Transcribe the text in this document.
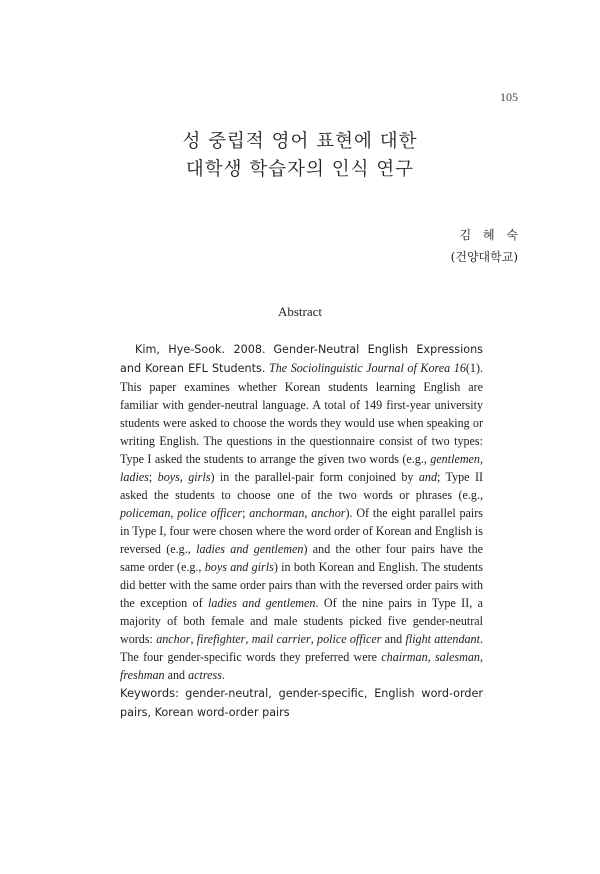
105
성 중립적 영어 표현에 대한
대학생 학습자의 인식 연구
김 혜 숙
(건양대학교)
Abstract

Kim, Hye-Sook. 2008. Gender-Neutral English Expressions and Korean EFL Students. The Sociolinguistic Journal of Korea 16(1). This paper examines whether Korean students learning English are familiar with gender-neutral language. A total of 149 first-year university students were asked to choose the words they would use when speaking or writing English. The questions in the questionnaire consist of two types: Type I asked the students to arrange the given two words (e.g., gentlemen, ladies; boys, girls) in the parallel-pair form conjoined by and; Type II asked the students to choose one of the two words or phrases (e.g., policeman, police officer; anchorman, anchor). Of the eight parallel pairs in Type I, four were chosen where the word order of Korean and English is reversed (e.g., ladies and gentlemen) and the other four pairs have the same order (e.g., boys and girls) in both Korean and English. The students did better with the same order pairs than with the reversed order pairs with the exception of ladies and gentlemen. Of the nine pairs in Type II, a majority of both female and male students picked five gender-neutral words: anchor, firefighter, mail carrier, police officer and flight attendant. The four gender-specific words they preferred were chairman, salesman, freshman and actress.

Keywords: gender-neutral, gender-specific, English word-order pairs, Korean word-order pairs
